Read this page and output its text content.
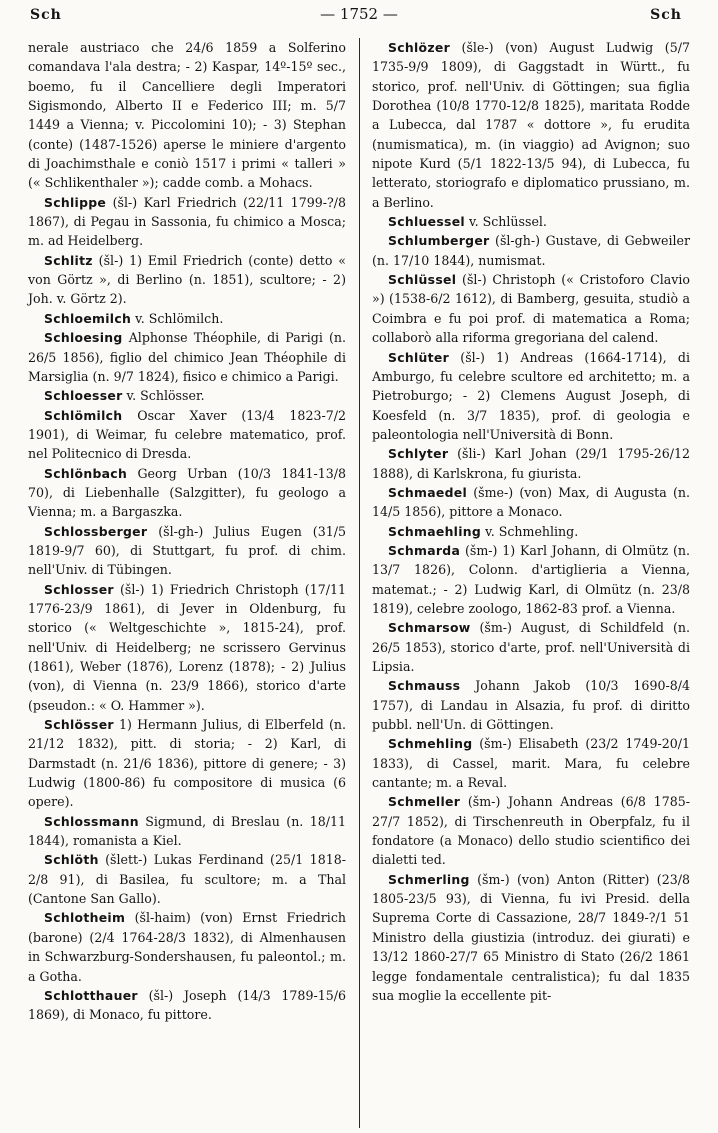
Sch	— 1752 —	Sch

nerale austriaco che 24/6 1859 a Solferino comandava l'ala destra; - 2) Kaspar, 14º-15º sec., boemo, fu il Cancelliere degli Imperatori Sigismondo, Alberto II e Federico III; m. 5/7 1449 a Vienna; v. Piccolomini 10); - 3) Stephan (conte) (1487-1526) aperse le miniere d'argento di Joachimsthale e coniò 1517 i primi « talleri » (« Schlikenthaler »); cadde comb. a Mohacs.

Schlippe (šl-) Karl Friedrich (22/11 1799-?/8 1867), di Pegau in Sassonia, fu chimico a Mosca; m. ad Heidelberg.

Schlitz (šl-) 1) Emil Friedrich (conte) detto « von Görtz », di Berlino (n. 1851), scultore; - 2) Joh. v. Görtz 2).

Schloemilch v. Schlömilch.

Schloesing Alphonse Théophile, di Parigi (n. 26/5 1856), figlio del chimico Jean Théophile di Marsiglia (n. 9/7 1824), fisico e chimico a Parigi.

Schloesser v. Schlösser.

Schlömilch Oscar Xaver (13/4 1823-7/2 1901), di Weimar, fu celebre matematico, prof. nel Politecnico di Dresda.

Schlönbach Georg Urban (10/3 1841-13/8 70), di Liebenhalle (Salzgitter), fu geologo a Vienna; m. a Bargaszka.

Schlossberger (šl-gh-) Julius Eugen (31/5 1819-9/7 60), di Stuttgart, fu prof. di chim. nell'Univ. di Tübingen.

Schlosser (šl-) 1) Friedrich Christoph (17/11 1776-23/9 1861), di Jever in Oldenburg, fu storico (« Weltgeschichte », 1815-24), prof. nell'Univ. di Heidelberg; ne scrissero Gervinus (1861), Weber (1876), Lorenz (1878); - 2) Julius (von), di Vienna (n. 23/9 1866), storico d'arte (pseudon.: « O. Hammer »).

Schlösser 1) Hermann Julius, di Elberfeld (n. 21/12 1832), pitt. di storia; - 2) Karl, di Darmstadt (n. 21/6 1836), pittore di genere; - 3) Ludwig (1800-86) fu compositore di musica (6 opere).

Schlossmann Sigmund, di Breslau (n. 18/11 1844), romanista a Kiel.

Schlöth (šlett-) Lukas Ferdinand (25/1 1818-2/8 91), di Basilea, fu scultore; m. a Thal (Cantone San Gallo).

Schlotheim (šl-haim) (von) Ernst Friedrich (barone) (2/4 1764-28/3 1832), di Almenhausen in Schwarzburg-Sondershausen, fu paleontol.; m. a Gotha.

Schlotthauer (šl-) Joseph (14/3 1789-15/6 1869), di Monaco, fu pittore.

Schlözer (šle-) (von) August Ludwig (5/7 1735-9/9 1809), di Gaggstadt in Württ., fu storico, prof. nell'Univ. di Göttingen; sua figlia Dorothea (10/8 1770-12/8 1825), maritata Rodde a Lubecca, dal 1787 « dottore », fu erudita (numismatica), m. (in viaggio) ad Avignon; suo nipote Kurd (5/1 1822-13/5 94), di Lubecca, fu letterato, storiografo e diplomatico prussiano, m. a Berlino.

Schluessel v. Schlüssel.

Schlumberger (šl-gh-) Gustave, di Gebweiler (n. 17/10 1844), numismat.

Schlüssel (šl-) Christoph (« Cristoforo Clavio ») (1538-6/2 1612), di Bamberg, gesuita, studiò a Coimbra e fu poi prof. di matematica a Roma; collaborò alla riforma gregoriana del calend.

Schlüter (šl-) 1) Andreas (1664-1714), di Amburgo, fu celebre scultore ed architetto; m. a Pietroburgo; - 2) Clemens August Joseph, di Koesfeld (n. 3/7 1835), prof. di geologia e paleontologia nell'Università di Bonn.

Schlyter (šli-) Karl Johan (29/1 1795-26/12 1888), di Karlskrona, fu giurista.

Schmaedel (šme-) (von) Max, di Augusta (n. 14/5 1856), pittore a Monaco.

Schmaehling v. Schmehling.

Schmarda (šm-) 1) Karl Johann, di Olmütz (n. 13/7 1826), Colonn. d'artiglieria a Vienna, matemat.; - 2) Ludwig Karl, di Olmütz (n. 23/8 1819), celebre zoologo, 1862-83 prof. a Vienna.

Schmarsow (šm-) August, di Schildfeld (n. 26/5 1853), storico d'arte, prof. nell'Università di Lipsia.

Schmauss Johann Jakob (10/3 1690-8/4 1757), di Landau in Alsazia, fu prof. di diritto pubbl. nell'Un. di Göttingen.

Schmehling (šm-) Elisabeth (23/2 1749-20/1 1833), di Cassel, marit. Mara, fu celebre cantante; m. a Reval.

Schmeller (šm-) Johann Andreas (6/8 1785-27/7 1852), di Tirschenreuth in Oberpfalz, fu il fondatore (a Monaco) dello studio scientifico dei dialetti ted.

Schmerling (šm-) (von) Anton (Ritter) (23/8 1805-23/5 93), di Vienna, fu ivi Presid. della Suprema Corte di Cassazione, 28/7 1849-?/1 51 Ministro della giustizia (introduz. dei giurati) e 13/12 1860-27/7 65 Ministro di Stato (26/2 1861 legge fondamentale centralistica); fu dal 1835 sua moglie la eccellente pit-
